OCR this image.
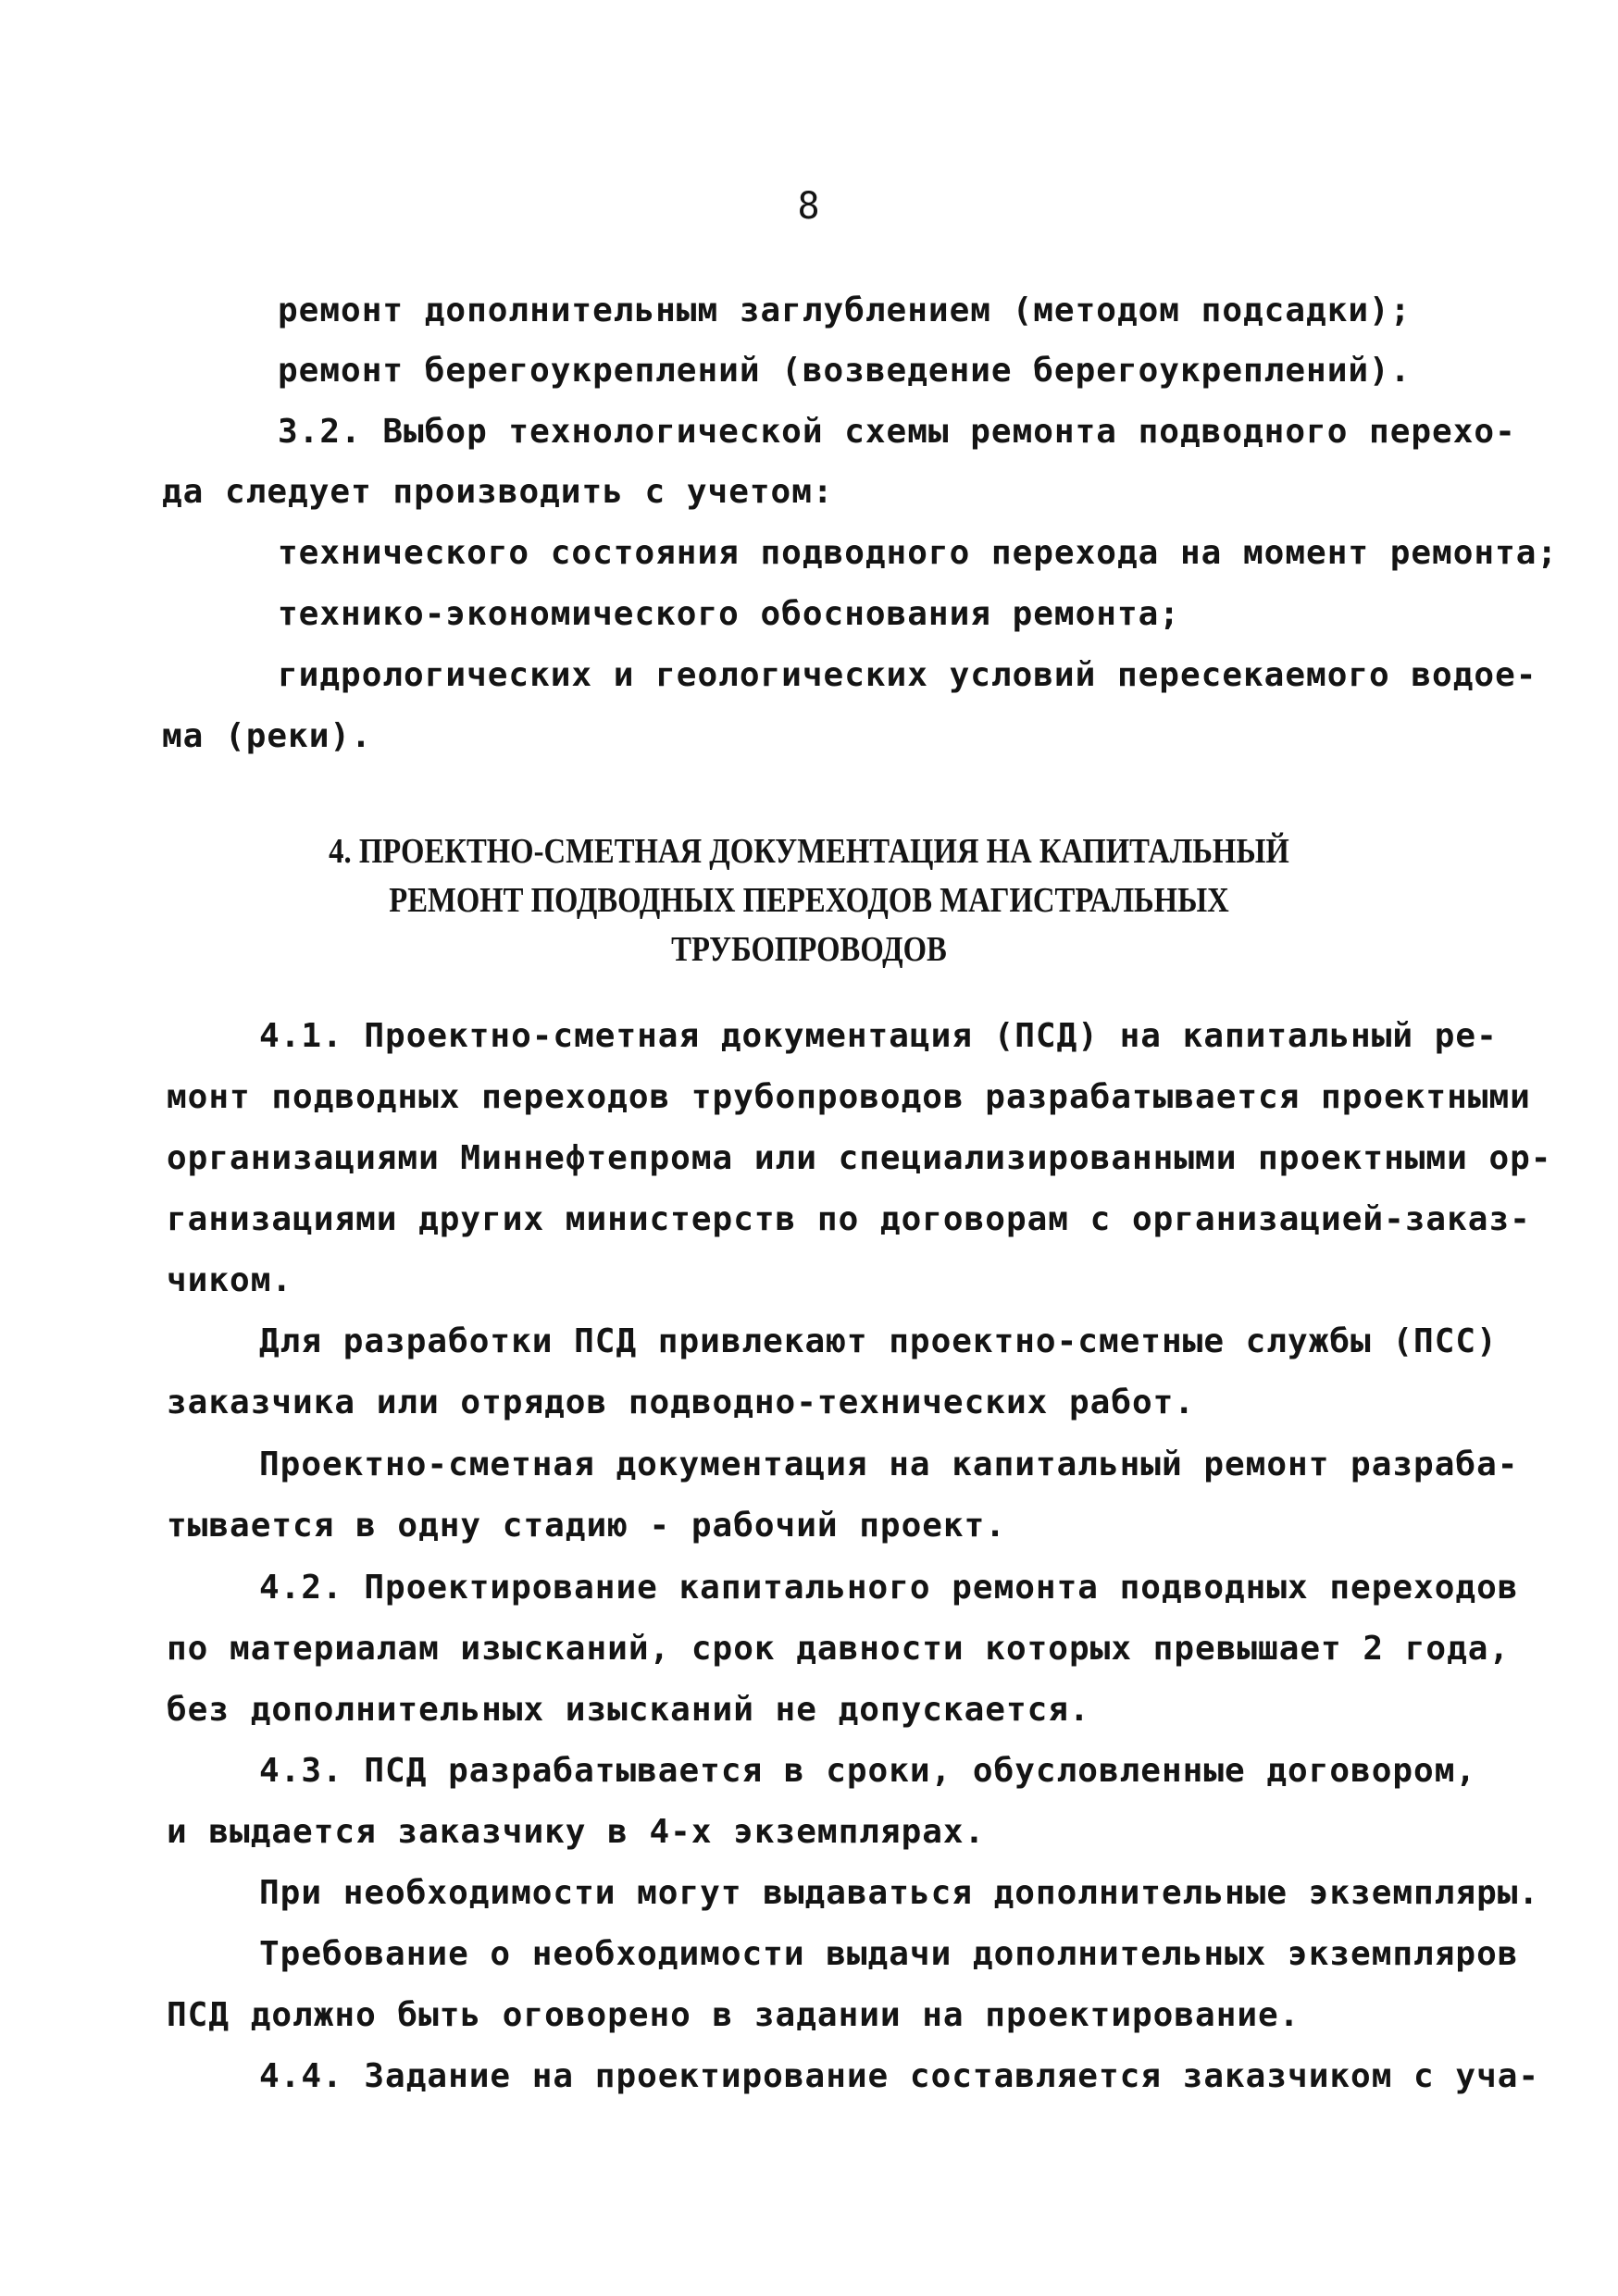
8
ремонт дополнительным заглублением (методом подсадки);
ремонт берегоукреплений (возведение берегоукреплений).
3.2. Выбор технологической схемы ремонта подводного перехо-
да следует производить с учетом:
технического состояния подводного перехода на момент ремонта;
технико-экономического обоснования ремонта;
гидрологических и геологических условий пересекаемого водое-
ма (реки).
4. ПРОЕКТНО-СМЕТНАЯ ДОКУМЕНТАЦИЯ НА КАПИТАЛЬНЫЙ
РЕМОНТ ПОДВОДНЫХ ПЕРЕХОДОВ МАГИСТРАЛЬНЫХ
ТРУБОПРОВОДОВ
4.1. Проектно-сметная документация (ПСД) на капитальный ре-
монт подводных переходов трубопроводов разрабатывается проектными
организациями Миннефтепрома или специализированными проектными ор-
ганизациями других министерств по договорам с организацией-заказ-
чиком.
Для разработки ПСД привлекают проектно-сметные службы (ПСС)
заказчика или отрядов подводно-технических работ.
Проектно-сметная документация на капитальный ремонт разраба-
тывается в одну стадию - рабочий проект.
4.2. Проектирование капитального ремонта подводных переходов
по материалам изысканий, срок давности которых превышает 2 года,
без дополнительных изысканий не допускается.
4.3. ПСД разрабатывается в сроки, обусловленные договором,
и выдается заказчику в 4-х экземплярах.
При необходимости могут выдаваться дополнительные экземпляры.
Требование о необходимости выдачи дополнительных экземпляров
ПСД должно быть оговорено в задании на проектирование.
4.4. Задание на проектирование составляется заказчиком с уча-
